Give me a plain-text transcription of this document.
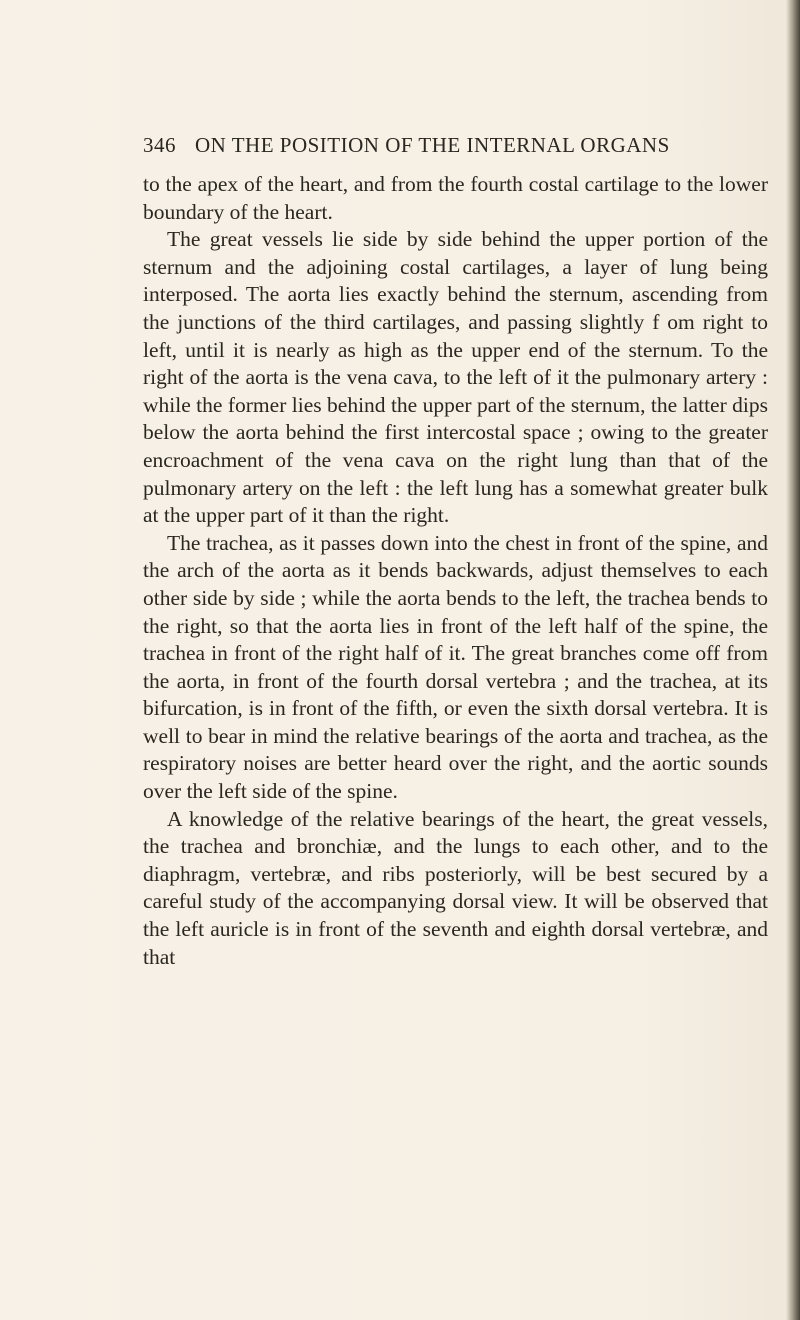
346 ON THE POSITION OF THE INTERNAL ORGANS

to the apex of the heart, and from the fourth costal cartilage to the lower boundary of the heart.

The great vessels lie side by side behind the upper portion of the sternum and the adjoining costal cartilages, a layer of lung being interposed. The aorta lies exactly behind the sternum, ascending from the junctions of the third cartilages, and passing slightly f om right to left, until it is nearly as high as the upper end of the sternum. To the right of the aorta is the vena cava, to the left of it the pulmonary artery : while the former lies behind the upper part of the sternum, the latter dips below the aorta behind the first intercostal space ; owing to the greater encroachment of the vena cava on the right lung than that of the pulmonary artery on the left : the left lung has a somewhat greater bulk at the upper part of it than the right.

The trachea, as it passes down into the chest in front of the spine, and the arch of the aorta as it bends backwards, adjust themselves to each other side by side ; while the aorta bends to the left, the trachea bends to the right, so that the aorta lies in front of the left half of the spine, the trachea in front of the right half of it. The great branches come off from the aorta, in front of the fourth dorsal vertebra ; and the trachea, at its bifurcation, is in front of the fifth, or even the sixth dorsal vertebra. It is well to bear in mind the relative bearings of the aorta and trachea, as the respiratory noises are better heard over the right, and the aortic sounds over the left side of the spine.

A knowledge of the relative bearings of the heart, the great vessels, the trachea and bronchiæ, and the lungs to each other, and to the diaphragm, vertebræ, and ribs posteriorly, will be best secured by a careful study of the accompanying dorsal view. It will be observed that the left auricle is in front of the seventh and eighth dorsal vertebræ, and that
